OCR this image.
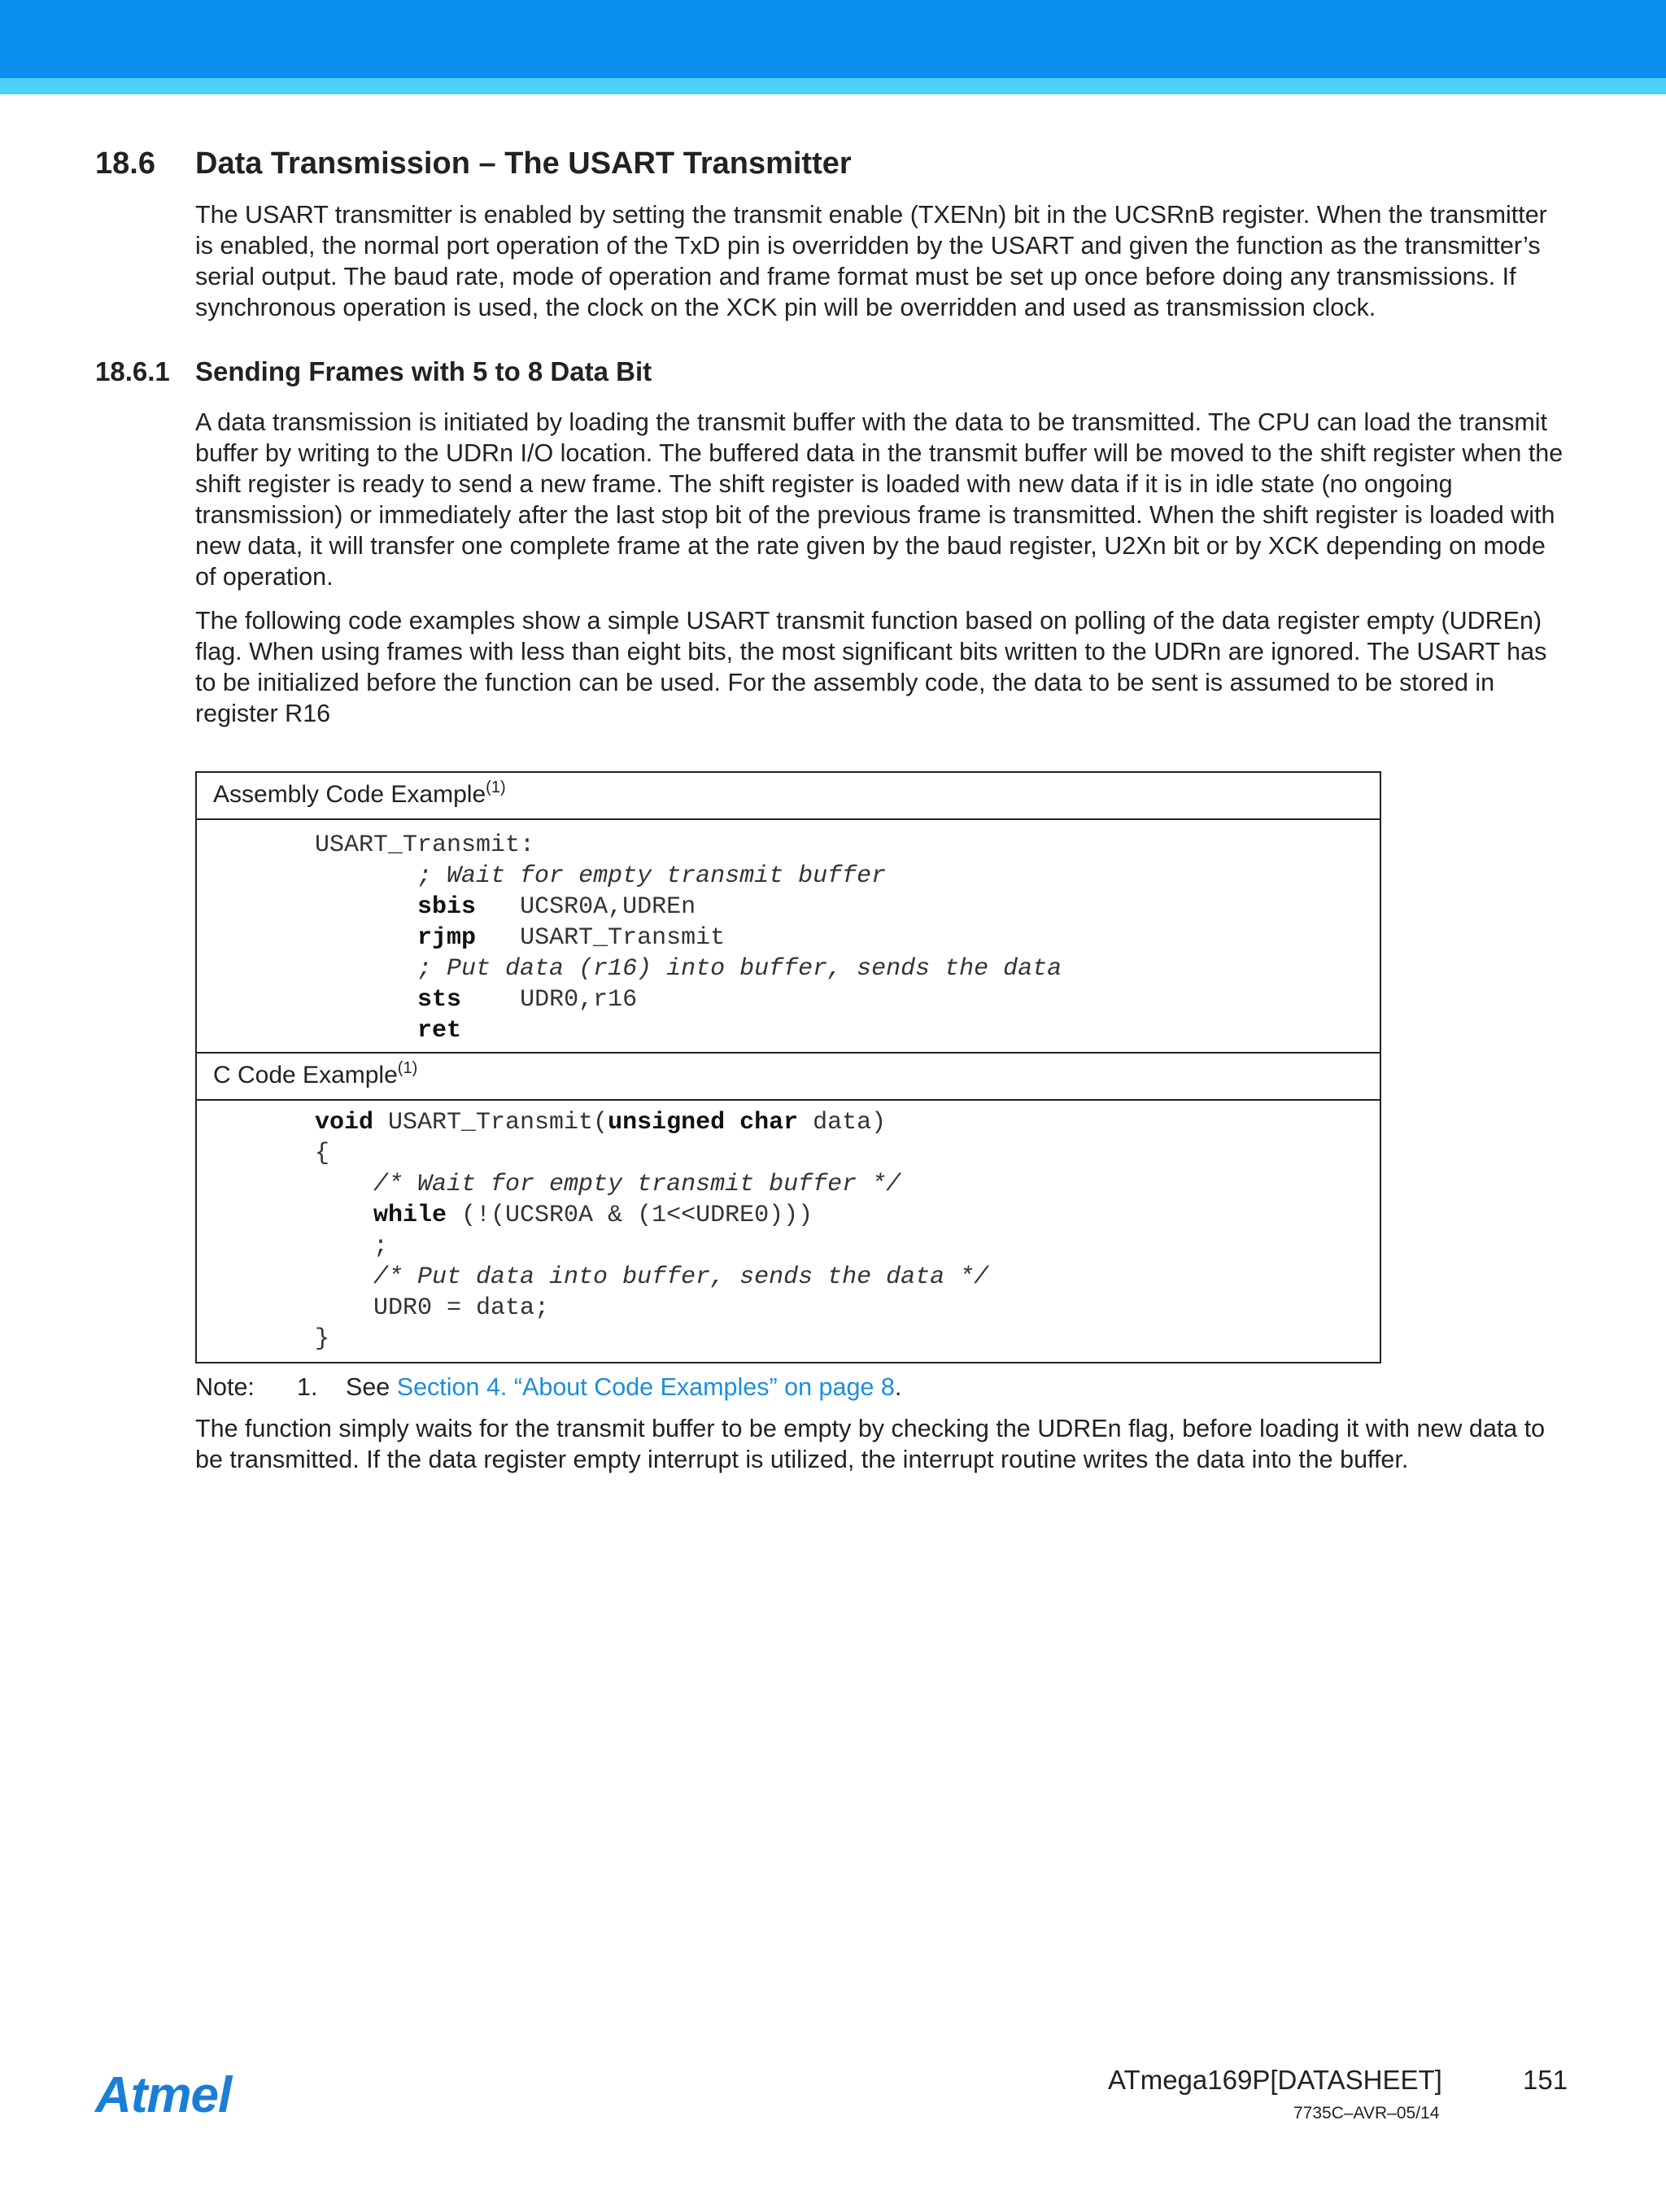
18.6 Data Transmission – The USART Transmitter

The USART transmitter is enabled by setting the transmit enable (TXENn) bit in the UCSRnB register. When the transmitter is enabled, the normal port operation of the TxD pin is overridden by the USART and given the function as the transmitter’s serial output. The baud rate, mode of operation and frame format must be set up once before doing any transmissions. If synchronous operation is used, the clock on the XCK pin will be overridden and used as transmission clock.

18.6.1 Sending Frames with 5 to 8 Data Bit

A data transmission is initiated by loading the transmit buffer with the data to be transmitted. The CPU can load the transmit buffer by writing to the UDRn I/O location. The buffered data in the transmit buffer will be moved to the shift register when the shift register is ready to send a new frame. The shift register is loaded with new data if it is in idle state (no ongoing transmission) or immediately after the last stop bit of the previous frame is transmitted. When the shift register is loaded with new data, it will transfer one complete frame at the rate given by the baud register, U2Xn bit or by XCK depending on mode of operation.

The following code examples show a simple USART transmit function based on polling of the data register empty (UDREn) flag. When using frames with less than eight bits, the most significant bits written to the UDRn are ignored. The USART has to be initialized before the function can be used. For the assembly code, the data to be sent is assumed to be stored in register R16

Assembly Code Example$^{(1)}$
USART_Transmit:
; Wait for empty transmit buffer
sbis UCSR0A,UDREn
rjmp USART_Transmit
; Put data (r16) into buffer, sends the data
sts UDR0,r16
ret
C Code Example$^{(1)}$
void USART_Transmit(unsigned char data)
{
/* Wait for empty transmit buffer */
while (!(UCSR0A & (1<<UDRE0)))
;
/* Put data into buffer, sends the data */
UDR0 = data;
}
Note: 1. See Section 4. “About Code Examples” on page 8.

The function simply waits for the transmit buffer to be empty by checking the UDREn flag, before loading it with new data to be transmitted. If the data register empty interrupt is utilized, the interrupt routine writes the data into the buffer.

Atmel	ATmega169P[DATASHEET]	151
7735C–AVR–05/14
